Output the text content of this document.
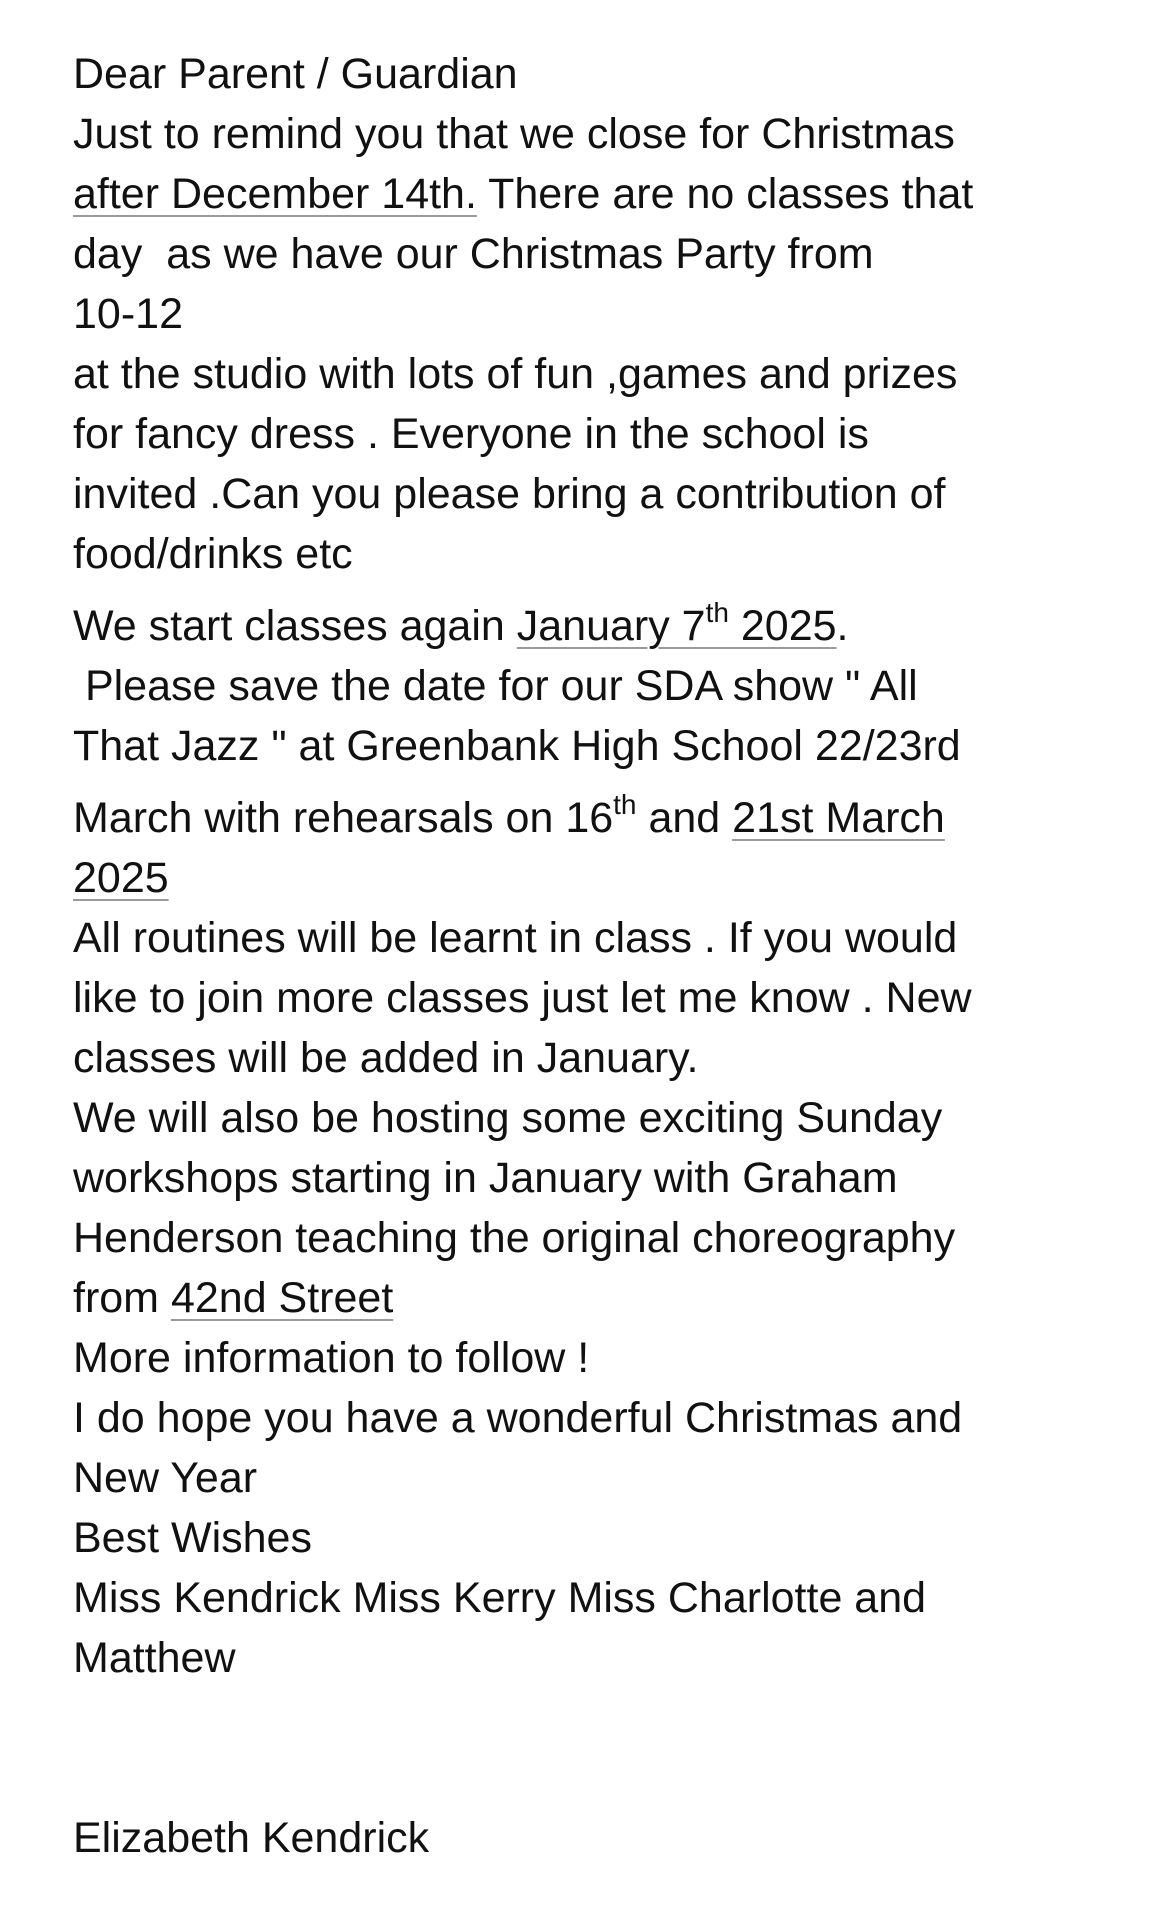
Dear Parent / Guardian
Just to remind you that we close for Christmas
after December 14th. There are no classes that
day  as we have our Christmas Party from
10-12
at the studio with lots of fun ,games and prizes
for fancy dress . Everyone in the school is
invited .Can you please bring a contribution of
food/drinks etc
We start classes again January 7th 2025.
Please save the date for our SDA show " All
That Jazz " at Greenbank High School 22/23rd
March with rehearsals on 16th and 21st March
2025
All routines will be learnt in class . If you would
like to join more classes just let me know . New
classes will be added in January.
We will also be hosting some exciting Sunday
workshops starting in January with Graham
Henderson teaching the original choreography
from 42nd Street
More information to follow !
I do hope you have a wonderful Christmas and
New Year
Best Wishes
Miss Kendrick Miss Kerry Miss Charlotte and
Matthew
Elizabeth Kendrick
